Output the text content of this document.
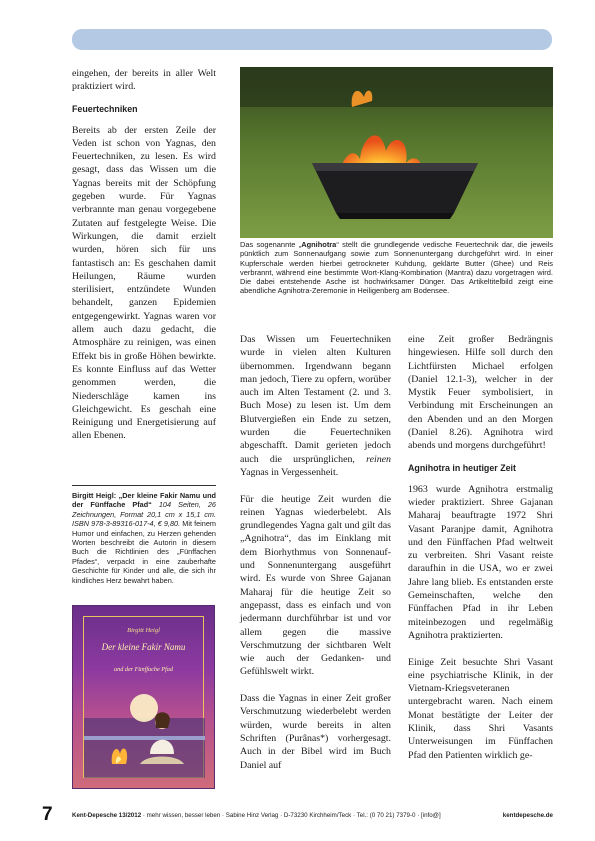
eingehen, der bereits in aller Welt praktiziert wird.

Feuertechniken

Bereits ab der ersten Zeile der Veden ist schon von Yagnas, den Feuertechniken, zu lesen. Es wird gesagt, dass das Wissen um die Yagnas bereits mit der Schöpfung gegeben wurde. Für Yagnas verbrannte man genau vorgegebene Zutaten auf festgelegte Weise. Die Wirkungen, die damit erzielt wurden, hören sich für uns fantastisch an: Es geschahen damit Heilungen, Räume wurden sterilisiert, entzündete Wunden behandelt, ganzen Epidemien entgegengewirkt. Yagnas waren vor allem auch dazu gedacht, die Atmosphäre zu reinigen, was einen Effekt bis in große Höhen bewirkte. Es konnte Einfluss auf das Wetter genommen werden, die Niederschläge kamen ins Gleichgewicht. Es geschah eine Reinigung und Energetisierung auf allen Ebenen.

Das sogenannte „Agnihotra“ stellt die grundlegende vedische Feuertechnik dar, die jeweils pünktlich zum Sonnenaufgang sowie zum Sonnenuntergang durchgeführt wird. In einer Kupferschale werden hierbei getrockneter Kuhdung, geklärte Butter (Ghee) und Reis verbrannt, während eine bestimmte Wort-Klang-Kombination (Mantra) dazu vorgetragen wird. Die dabei entstehende Asche ist hochwirksamer Dünger. Das Artikeltitelbild zeigt eine abendliche Agnihotra-Zeremonie in Heiligenberg am Bodensee.

Das Wissen um Feuertechniken wurde in vielen alten Kulturen übernommen. Irgendwann begann man jedoch, Tiere zu opfern, worüber auch im Alten Testament (2. und 3. Buch Mose) zu lesen ist. Um dem Blutvergießen ein Ende zu setzen, wurden die Feuertechniken abgeschafft. Damit gerieten jedoch auch die ursprünglichen, reinen Yagnas in Vergessenheit.

Für die heutige Zeit wurden die reinen Yagnas wiederbelebt. Als grundlegendes Yagna galt und gilt das „Agnihotra“, das im Einklang mit dem Biorhythmus von Sonnenauf- und Sonnenuntergang ausgeführt wird. Es wurde von Shree Gajanan Maharaj für die heutige Zeit so angepasst, dass es einfach und von jedermann durchführbar ist und vor allem gegen die massive Verschmutzung der sichtbaren Welt wie auch der Gedanken- und Gefühlswelt wirkt.

Dass die Yagnas in einer Zeit großer Verschmutzung wiederbelebt werden würden, wurde bereits in alten Schriften (Purânas*) vorhergesagt. Auch in der Bibel wird im Buch Daniel auf

eine Zeit großer Bedrängnis hingewiesen. Hilfe soll durch den Lichtfürsten Michael erfolgen (Daniel 12.1-3), welcher in der Mystik Feuer symbolisiert, in Verbindung mit Erscheinungen an den Abenden und an den Morgen (Daniel 8.26). Agnihotra wird abends und morgens durchgeführt!

Agnihotra in heutiger Zeit

1963 wurde Agnihotra erstmalig wieder praktiziert. Shree Gajanan Maharaj beauftragte 1972 Shri Vasant Paranjpe damit, Agnihotra und den Fünffachen Pfad weltweit zu verbreiten. Shri Vasant reiste daraufhin in die USA, wo er zwei Jahre lang blieb. Es entstanden erste Gemeinschaften, welche den Fünffachen Pfad in ihr Leben miteinbezogen und regelmäßig Agnihotra praktizierten.

Einige Zeit besuchte Shri Vasant eine psychiatrische Klinik, in der Vietnam-Kriegsveteranen untergebracht waren. Nach einem Monat bestätigte der Leiter der Klinik, dass Shri Vasants Unterweisungen im Fünffachen Pfad den Patienten wirklich ge-

Birgitt Heigl: „Der kleine Fakir Namu und der Fünffache Pfad“ 104 Seiten, 26 Zeichnungen, Format 20,1 cm x 15,1 cm. ISBN 978-3-89316-017-4, € 9,80. Mit feinem Humor und einfachen, zu Herzen gehenden Worten beschreibt die Autorin in diesem Buch die Richtlinien des „Fünffachen Pfades“, verpackt in eine zauberhafte Geschichte für Kinder und alle, die sich ihr kindliches Herz bewahrt haben.
Birgitt Heigl
Der kleine Fakir Namu
und der Fünffache Pfad
7	Kent-Depesche 13/2012 · mehr wissen, besser leben · Sabine Hinz Verlag · D-73230 Kirchheim/Teck · Tel.: (0 70 21) 7379-0 · [info@]	kentdepesche.de
